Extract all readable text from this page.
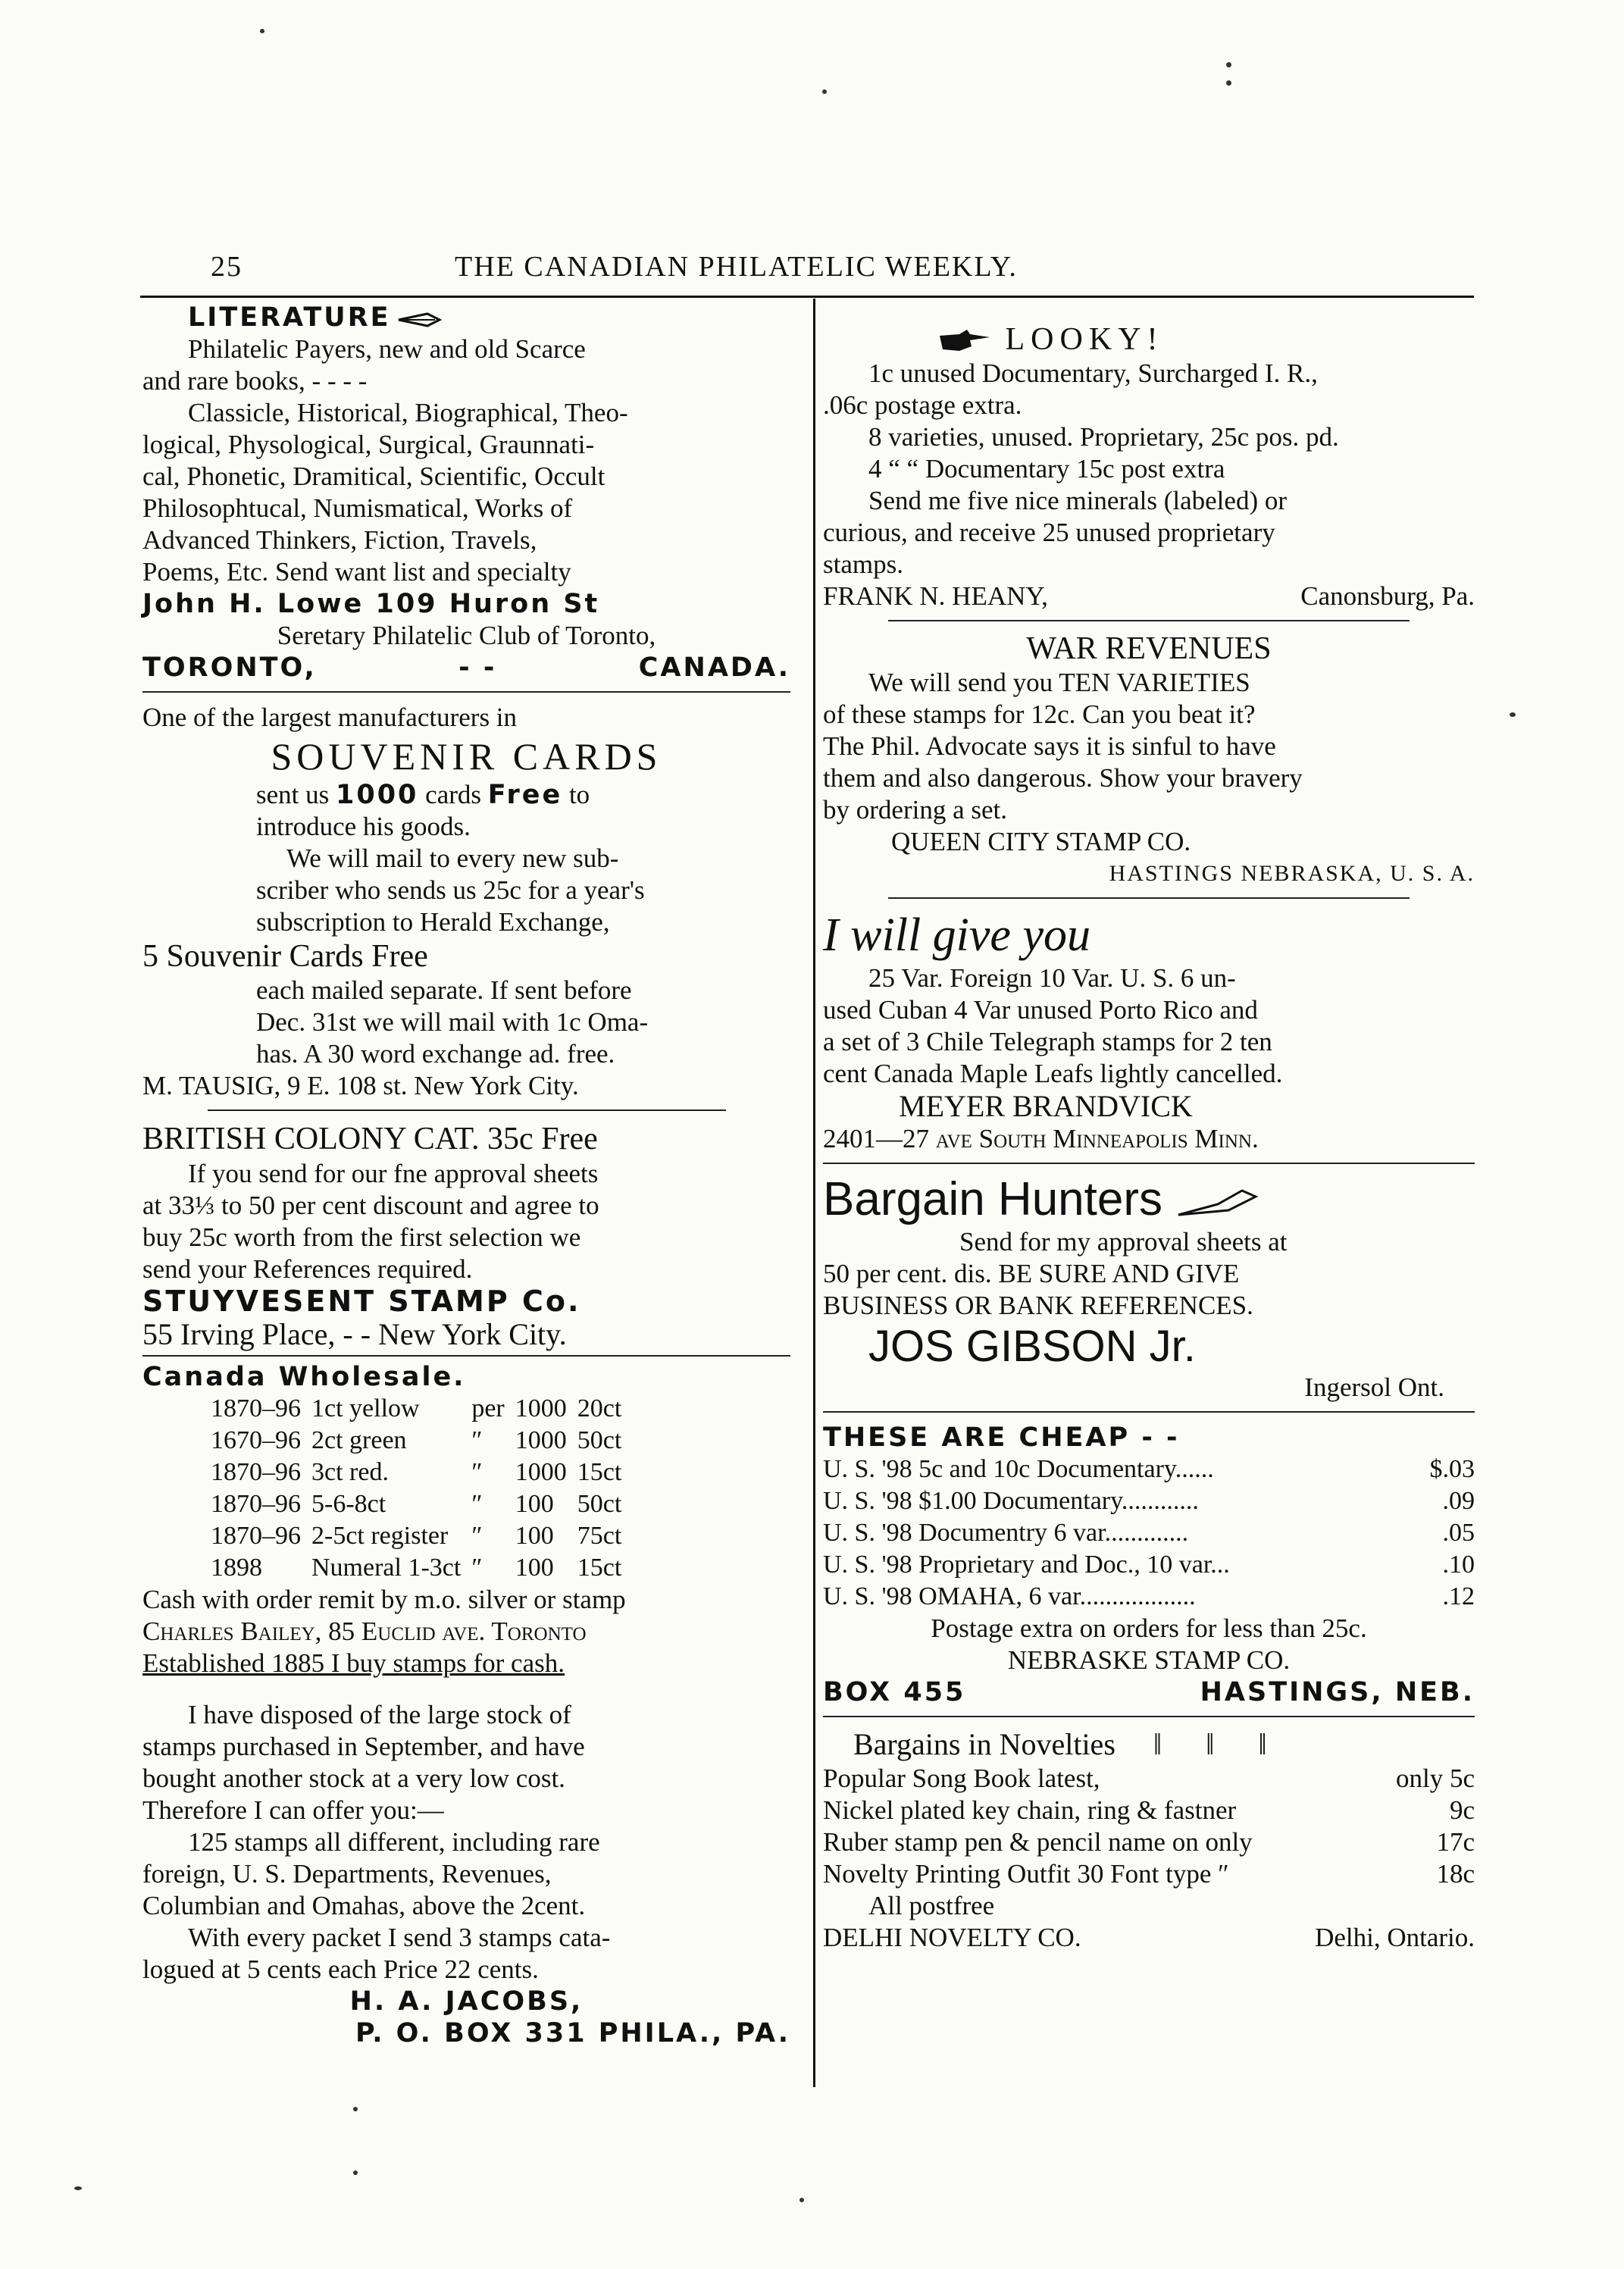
25	THE CANADIAN PHILATELIC WEEKLY.

LITERATURE

Philatelic Payers, new and old Scarce

and rare books, - - - -

Classicle, Historical, Biographical, Theo-

logical, Physological, Surgical, Graunnati-

cal, Phonetic, Dramitical, Scientific, Occult

Philosophtucal, Numismatical, Works of

Advanced Thinkers, Fiction, Travels,

Poems, Etc. Send want list and specialty

John H. Lowe 109 Huron St

Seretary Philatelic Club of Toronto,

TORONTO,	- -	CANADA.

One of the largest manufacturers in

SOUVENIR CARDS

sent us 1000 cards Free to

introduce his goods.

We will mail to every new sub-

scriber who sends us 25c for a year's

subscription to Herald Exchange,

5 Souvenir Cards Free

each mailed separate. If sent before

Dec. 31st we will mail with 1c Oma-

has. A 30 word exchange ad. free.

M. TAUSIG, 9 E. 108 st. New York City.

BRITISH COLONY CAT. 35c Free

If you send for our fne approval sheets

at 33⅓ to 50 per cent discount and agree to

buy 25c worth from the first selection we

send your References required.

STUYVESENT STAMP Co.

55 Irving Place, - - New York City.

Canada Wholesale.

1870–96	1ct yellow	per	1000	20ct
1670–96	2ct green	″	1000	50ct
1870–96	3ct red.	″	1000	15ct
1870–96	5-6-8ct	″	100	50ct
1870–96	2-5ct register	″	100	75ct
1898	Numeral 1-3ct	″	100	15ct

Cash with order remit by m.o. silver or stamp

Charles Bailey, 85 Euclid ave. Toronto

Established 1885 I buy stamps for cash.

I have disposed of the large stock of

stamps purchased in September, and have

bought another stock at a very low cost.

Therefore I can offer you:—

125 stamps all different, including rare

foreign, U. S. Departments, Revenues,

Columbian and Omahas, above the 2cent.

With every packet I send 3 stamps cata-

logued at 5 cents each Price 22 cents.

H. A. JACOBS,

P. O. BOX 331 PHILA., PA.

LOOKY!

1c unused Documentary, Surcharged I. R.,

.06c postage extra.

8 varieties, unused. Proprietary, 25c pos. pd.

4 “ “ Documentary 15c post extra

Send me five nice minerals (labeled) or

curious, and receive 25 unused proprietary

stamps.

FRANK N. HEANY,	Canonsburg, Pa.

WAR REVENUES

We will send you TEN VARIETIES

of these stamps for 12c. Can you beat it?

The Phil. Advocate says it is sinful to have

them and also dangerous. Show your bravery

by ordering a set.

QUEEN CITY STAMP CO.

HASTINGS NEBRASKA, U. S. A.

I will give you

25 Var. Foreign 10 Var. U. S. 6 un-

used Cuban 4 Var unused Porto Rico and

a set of 3 Chile Telegraph stamps for 2 ten

cent Canada Maple Leafs lightly cancelled.

MEYER BRANDVICK

2401—27 ave South Minneapolis Minn.

Bargain Hunters

Send for my approval sheets at

50 per cent. dis. BE SURE AND GIVE

BUSINESS OR BANK REFERENCES.

JOS GIBSON Jr.

Ingersol Ont.

THESE ARE CHEAP - -

U. S. '98 5c and 10c Documentary......	$.03
U. S. '98 $1.00 Documentary............	.09
U. S. '98 Documentry 6 var.............	.05
U. S. '98 Proprietary and Doc., 10 var...	.10
U. S. '98 OMAHA, 6 var..................	.12

Postage extra on orders for less than 25c.

NEBRASKE STAMP CO.

BOX 455	HASTINGS, NEB.

Bargains in Novelties ‖ ‖ ‖

Popular Song Book latest,	only 5c

Nickel plated key chain, ring & fastner	9c

Ruber stamp pen & pencil name on only	17c

Novelty Printing Outfit 30 Font type ″	18c

All postfree

DELHI NOVELTY CO.	Delhi, Ontario.
